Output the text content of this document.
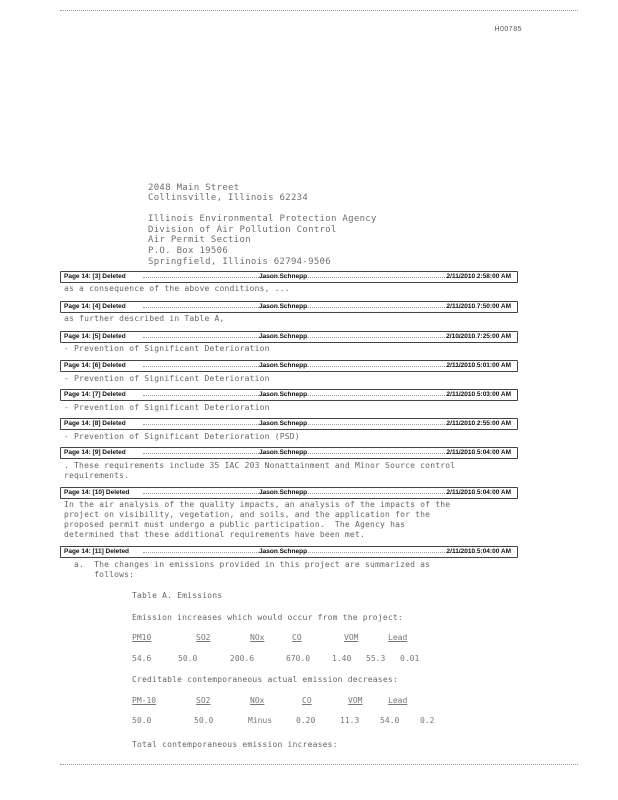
H00785
2048 Main Street
Collinsville, Illinois 62234
Illinois Environmental Protection Agency
Division of Air Pollution Control
Air Permit Section
P.O. Box 19506
Springfield, Illinois 62794-9506
Page 14: [3] Deleted	Jason Schnepp	2/11/2010 2:58:00 AM
as a consequence of the above conditions, ...
Page 14: [4] Deleted	Jason Schnepp	2/11/2010 7:50:00 AM
as further described in Table A,
Page 14: [5] Deleted	Jason Schnepp	2/10/2010 7:25:00 AM
- Prevention of Significant Deterioration
Page 14: [6] Deleted	Jason Schnepp	2/11/2010 5:01:00 AM
- Prevention of Significant Deterioration
Page 14: [7] Deleted	Jason Schnepp	2/11/2010 5:03:00 AM
- Prevention of Significant Deterioration
Page 14: [8] Deleted	Jason Schnepp	2/11/2010 2:55:00 AM
- Prevention of Significant Deterioration (PSD)
Page 14: [9] Deleted	Jason Schnepp	2/11/2010 5:04:00 AM
. These requirements include 35 IAC 203 Nonattainment and Minor Source control
requirements.
Page 14: [10] Deleted	Jason Schnepp	2/11/2010 5:04:00 AM
In the air analysis of the quality impacts, an analysis of the impacts of the
project on visibility, vegetation, and soils, and the application for the
proposed permit must undergo a public participation.  The Agency has
determined that these additional requirements have been met.
Page 14: [11] Deleted	Jason Schnepp	2/11/2010 5:04:00 AM
a.  The changes in emissions provided in this project are summarized as
follows:
Table A. Emissions
Emission increases which would occur from the project:
PM10	SO2	NOx	CO	VOM	Lead
54.6	50.0	200.6	670.0	1.40 55.3 0.01
Creditable contemporaneous actual emission decreases:
PM-10	SO2	NOx	CO	VOM	Lead
50.0	50.0	Minus	0.20	11.3	54.0	0.2
Total contemporaneous emission increases:
